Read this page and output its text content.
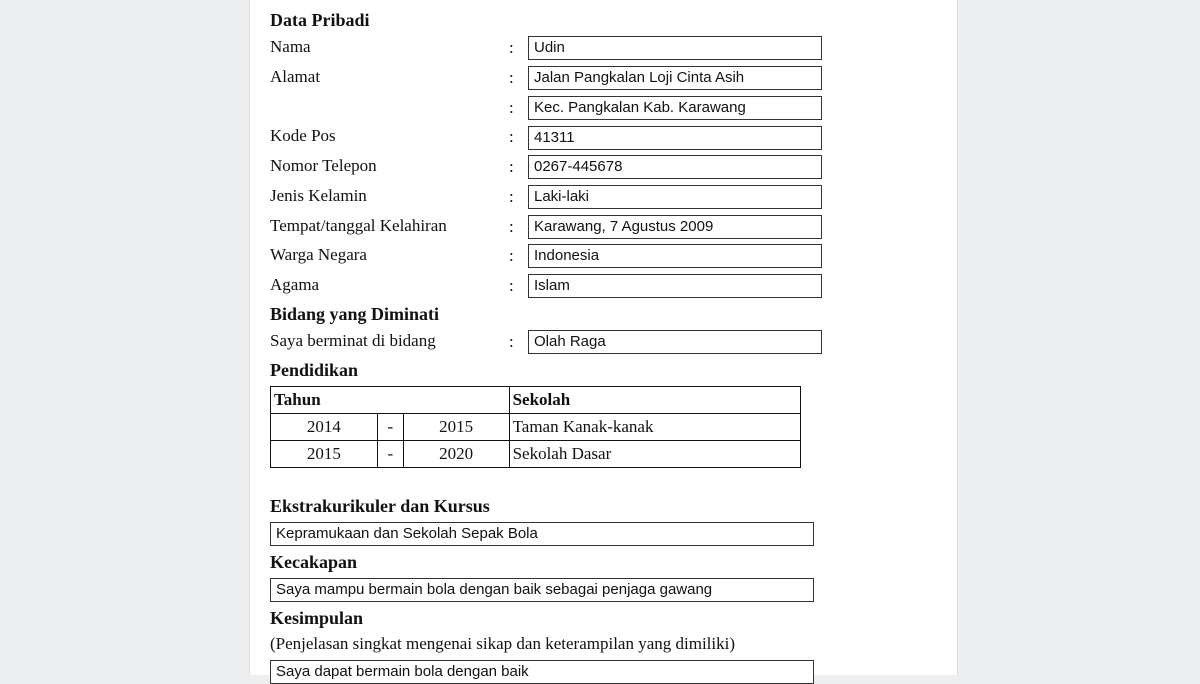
Data Pribadi
Nama	:	Udin
Alamat	:	Jalan Pangkalan Loji Cinta Asih
:	Kec. Pangkalan Kab. Karawang
Kode Pos	:	41311
Nomor Telepon	:	0267-445678
Jenis Kelamin	:	Laki-laki
Tempat/tanggal Kelahiran	:	Karawang, 7 Agustus 2009
Warga Negara	:	Indonesia
Agama	:	Islam
Bidang yang Diminati
Saya berminat di bidang	:	Olah Raga
Pendidikan
Tahun			Sekolah
2014	-	2015	Taman Kanak-kanak
2015	-	2020	Sekolah Dasar
Ekstrakurikuler dan Kursus
Kepramukaan dan Sekolah Sepak Bola
Kecakapan
Saya mampu bermain bola dengan baik sebagai penjaga gawang
Kesimpulan
(Penjelasan singkat mengenai sikap dan keterampilan yang dimiliki)
Saya dapat bermain bola dengan baik
